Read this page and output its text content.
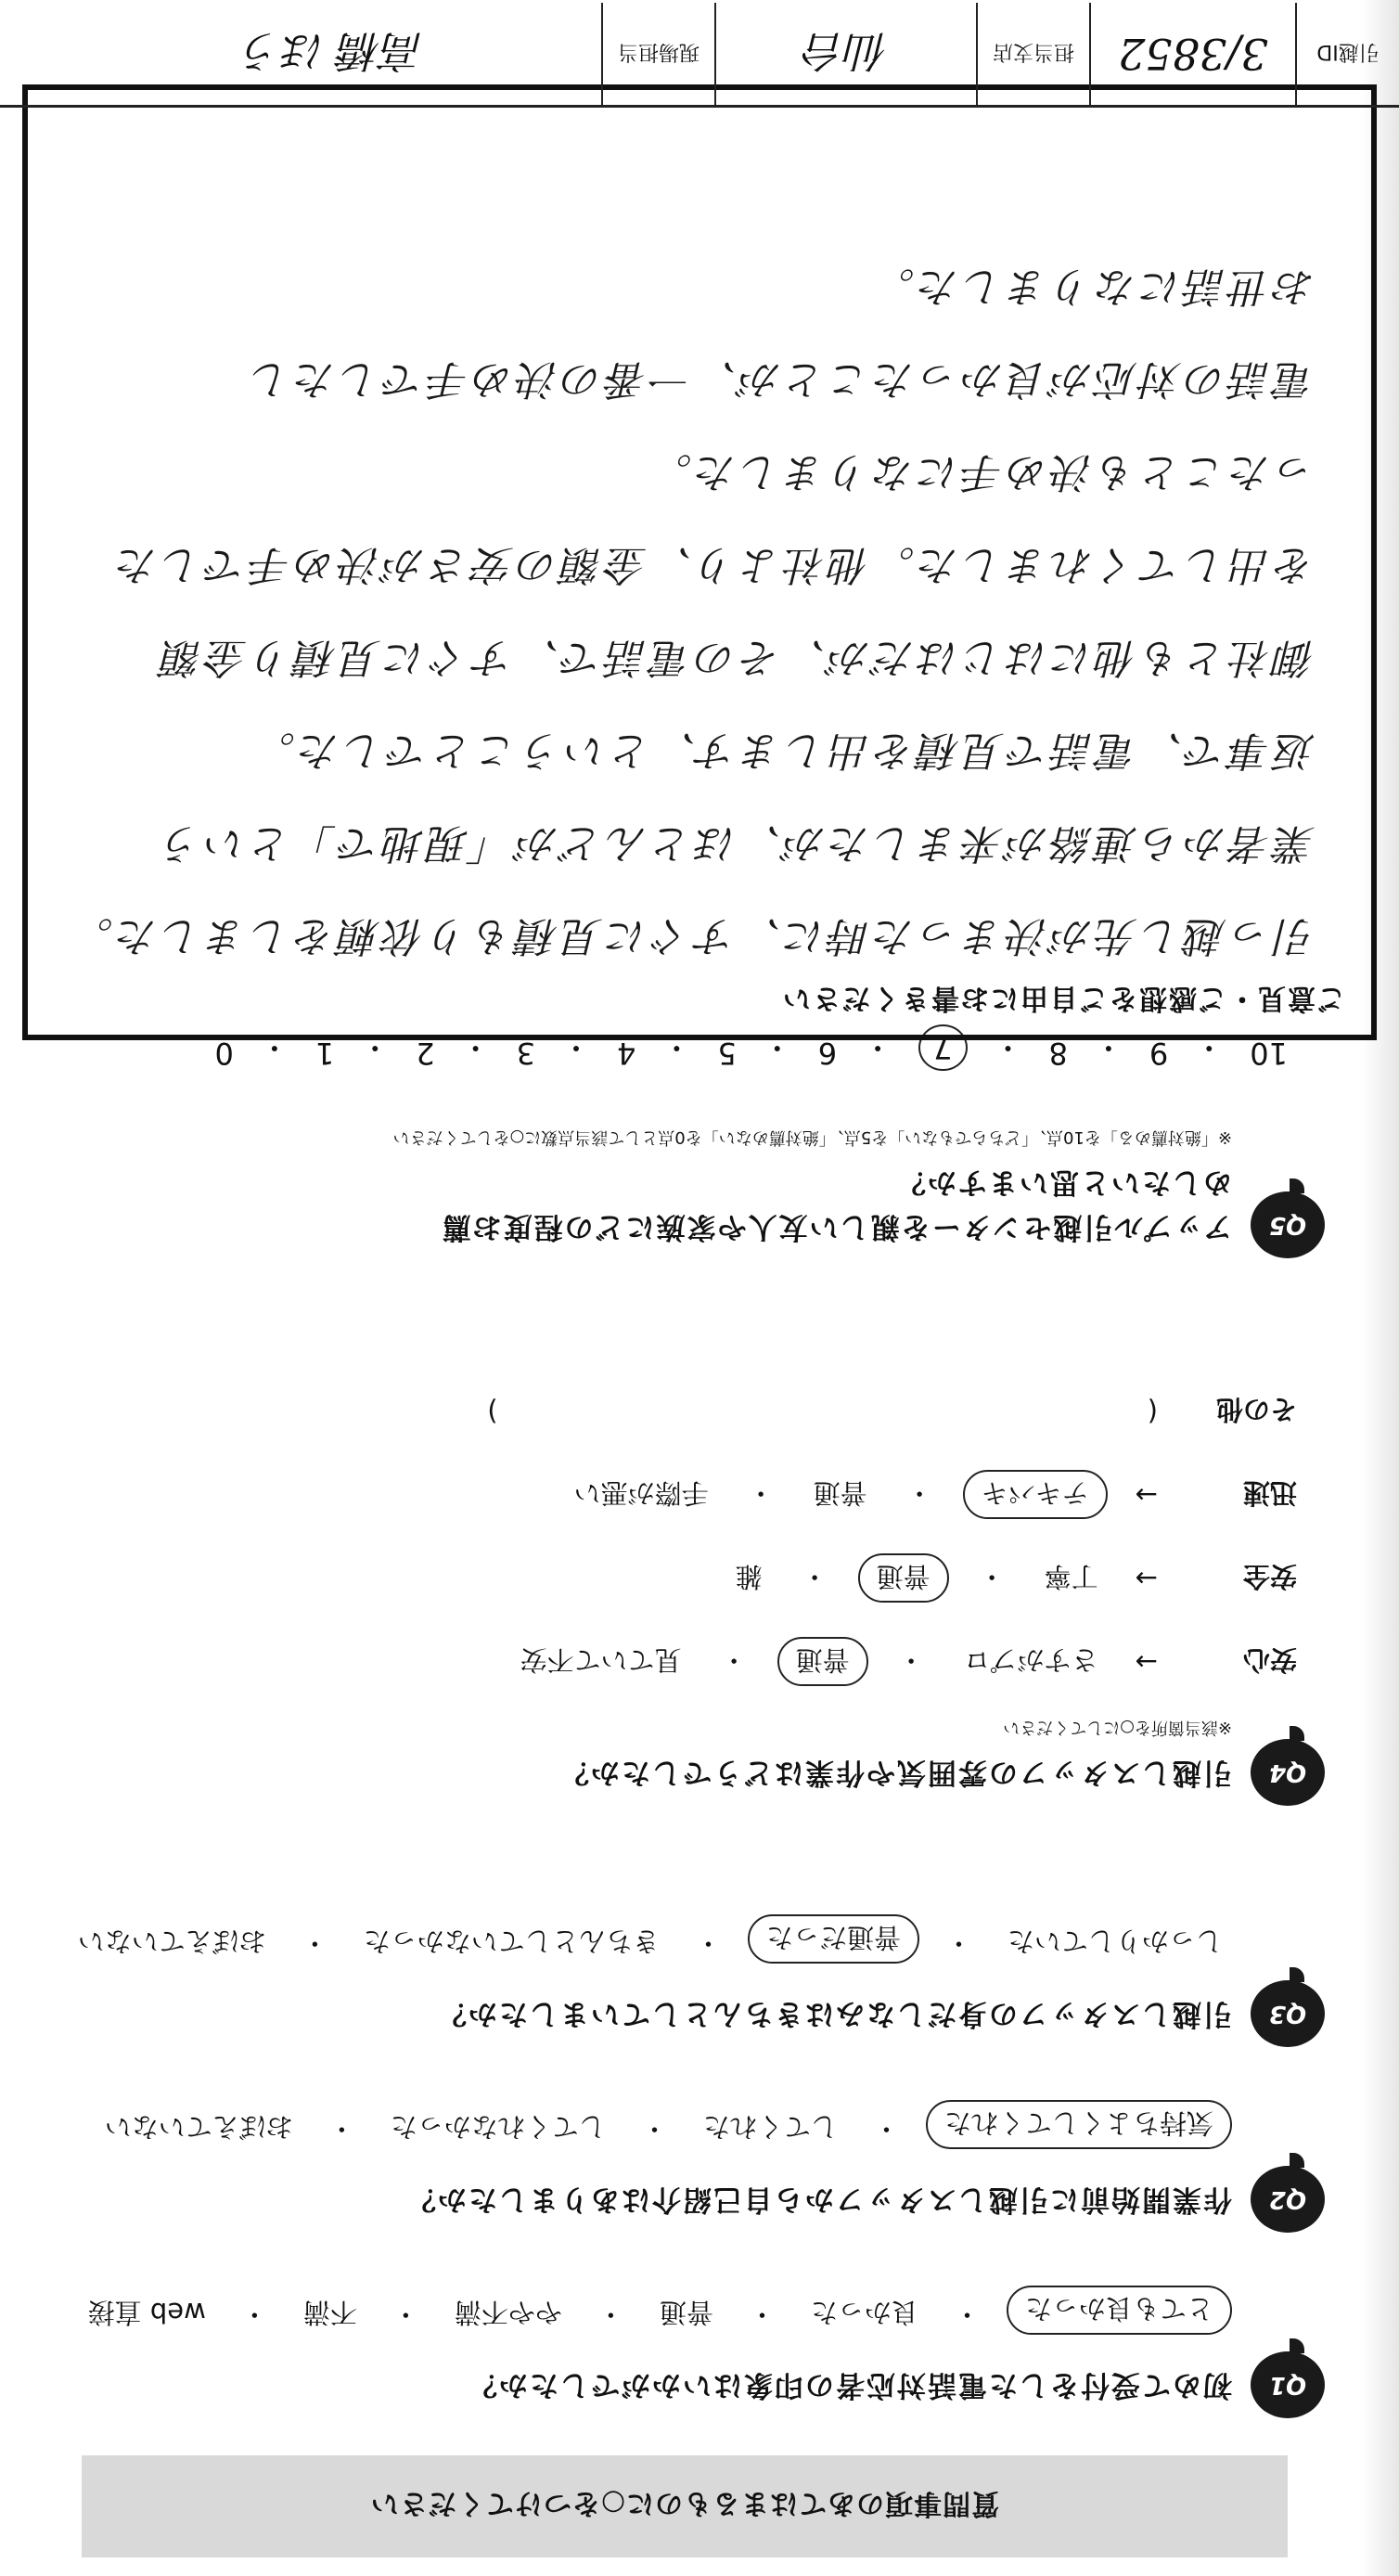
質問事項のあてはまるものに○をつけてください
Q1
初めて受付をした電話対応者の印象はいかがでしたか？
とても良かった
・
良かった
・
普通
・
やや不満
・
不満
・
web 直接
Q2
作業開始前に引越しスタッフから自己紹介はありましたか？
気持ちよくしてくれた
・
してくれた
・
してくれなかった
・
おぼえていない
Q3
引越しスタッフの身だしなみはきちんとしていましたか？
しっかりしていた
・
普通だった
・
きちんとしていなかった
・
おぼえていない
Q4
引越しスタッフの雰囲気や作業はどうでしたか？
※該当箇所を○にしてください
安心
→
さすがプロ
・
普通
・
見ていて不安
安全
→
丁寧
・
普通
・
雑
迅速
→
テキパキ
・
普通
・
手際が悪い
その他
(
)
Q5
アップル引越センターを親しい友人や家族にどの程度お薦めしたいと思いますか？
※「絶対薦める」を10点、「どちらでもない」を5点、「絶対薦めない」を0点として該当点数に○をしてください
10
・
9
・
8
・
7
・
6
・
5
・
4
・
3
・
2
・
1
・
0
ご意見・ご感想をご自由にお書きください
引っ越し先が決まった時に、すぐに見積もり依頼をしました。
業者から連絡が来ましたが、ほとんどが「現地で」という
返事で、電話で見積を出します、ということでした。
御社とも他にはじはだが、その電話で、すぐに見積り金額
を出してくれました。他社より、金額の安さが決め手でした
ったことも決め手になりました。
電話の対応が良かったことが、一番の決め手でしたし
お世話になりました。
引越ID
3/3852
担当支店
仙台
現場担当
高橋 ほう
